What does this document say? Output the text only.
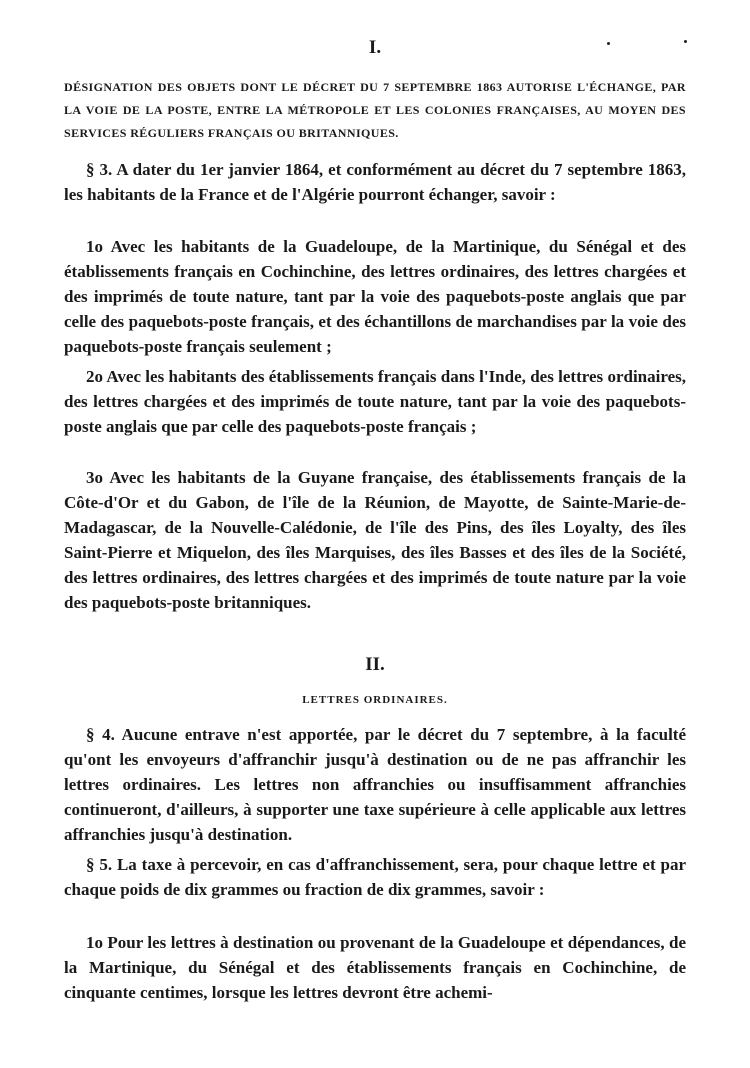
I.
DÉSIGNATION DES OBJETS DONT LE DÉCRET DU 7 SEPTEMBRE 1863 AUTORISE L'ÉCHANGE, PAR LA VOIE DE LA POSTE, ENTRE LA MÉTROPOLE ET LES COLONIES FRANÇAISES, AU MOYEN DES SERVICES RÉGULIERS FRANÇAIS OU BRITANNIQUES.

§ 3. A dater du 1er janvier 1864, et conformément au décret du 7 septembre 1863, les habitants de la France et de l'Algérie pourront échanger, savoir :

1o Avec les habitants de la Guadeloupe, de la Martinique, du Sénégal et des établissements français en Cochinchine, des lettres ordinaires, des lettres chargées et des imprimés de toute nature, tant par la voie des paquebots-poste anglais que par celle des paquebots-poste français, et des échantillons de marchandises par la voie des paquebots-poste français seulement ;

2o Avec les habitants des établissements français dans l'Inde, des lettres ordinaires, des lettres chargées et des imprimés de toute nature, tant par la voie des paquebots-poste anglais que par celle des paquebots-poste français ;

3o Avec les habitants de la Guyane française, des établissements français de la Côte-d'Or et du Gabon, de l'île de la Réunion, de Mayotte, de Sainte-Marie-de-Madagascar, de la Nouvelle-Calédonie, de l'île des Pins, des îles Loyalty, des îles Saint-Pierre et Miquelon, des îles Marquises, des îles Basses et des îles de la Société, des lettres ordinaires, des lettres chargées et des imprimés de toute nature par la voie des paquebots-poste britanniques.

II.
LETTRES ORDINAIRES.

§ 4. Aucune entrave n'est apportée, par le décret du 7 septembre, à la faculté qu'ont les envoyeurs d'affranchir jusqu'à destination ou de ne pas affranchir les lettres ordinaires. Les lettres non affranchies ou insuffisamment affranchies continueront, d'ailleurs, à supporter une taxe supérieure à celle applicable aux lettres affranchies jusqu'à destination.

§ 5. La taxe à percevoir, en cas d'affranchissement, sera, pour chaque lettre et par chaque poids de dix grammes ou fraction de dix grammes, savoir :

1o Pour les lettres à destination ou provenant de la Guadeloupe et dépendances, de la Martinique, du Sénégal et des établissements français en Cochinchine, de cinquante centimes, lorsque les lettres devront être achemi-
